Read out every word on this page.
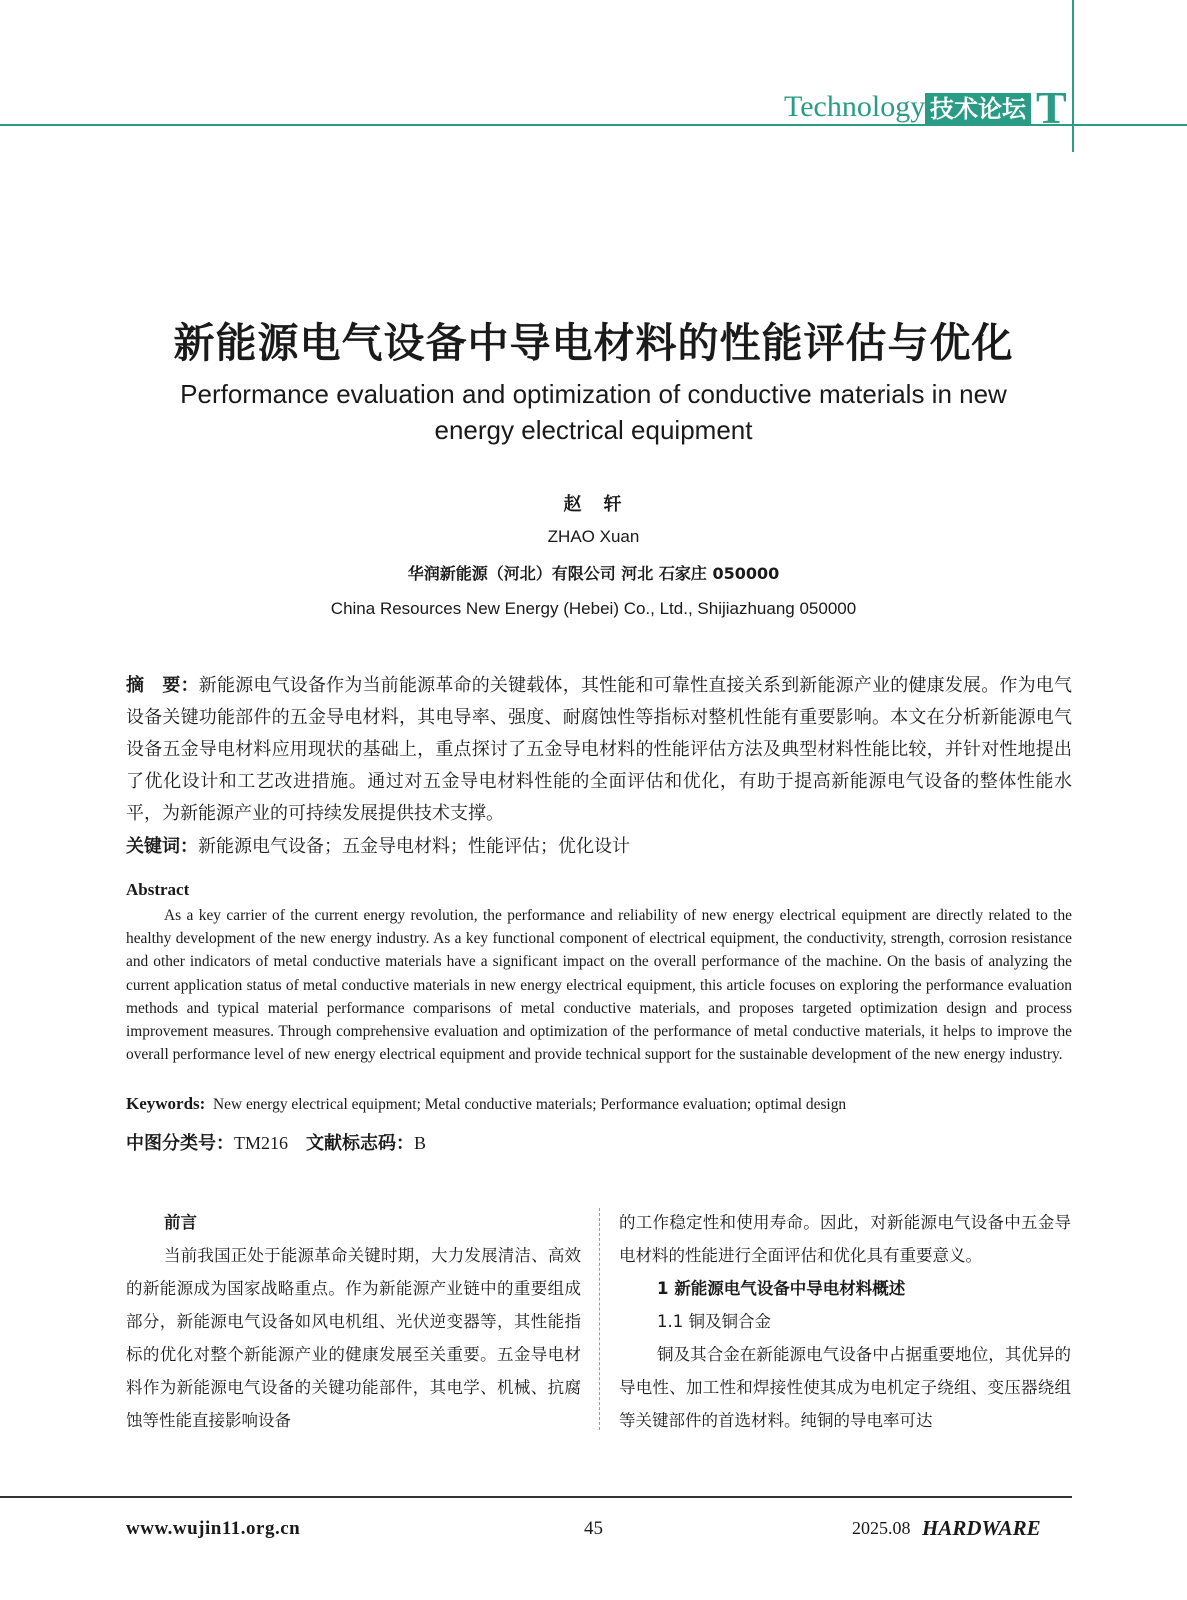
Technology 技术论坛 T
新能源电气设备中导电材料的性能评估与优化
Performance evaluation and optimization of conductive materials in new energy electrical equipment
赵　轩
ZHAO Xuan
华润新能源（河北）有限公司 河北 石家庄 050000
China Resources New Energy (Hebei) Co., Ltd., Shijiazhuang 050000
摘　要：新能源电气设备作为当前能源革命的关键载体，其性能和可靠性直接关系到新能源产业的健康发展。作为电气设备关键功能部件的五金导电材料，其电导率、强度、耐腐蚀性等指标对整机性能有重要影响。本文在分析新能源电气设备五金导电材料应用现状的基础上，重点探讨了五金导电材料的性能评估方法及典型材料性能比较，并针对性地提出了优化设计和工艺改进措施。通过对五金导电材料性能的全面评估和优化，有助于提高新能源电气设备的整体性能水平，为新能源产业的可持续发展提供技术支撑。
关键词：新能源电气设备；五金导电材料；性能评估；优化设计
Abstract
As a key carrier of the current energy revolution, the performance and reliability of new energy electrical equipment are directly related to the healthy development of the new energy industry. As a key functional component of electrical equipment, the conductivity, strength, corrosion resistance and other indicators of metal conductive materials have a significant impact on the overall performance of the machine. On the basis of analyzing the current application status of metal conductive materials in new energy electrical equipment, this article focuses on exploring the performance evaluation methods and typical material performance comparisons of metal conductive materials, and proposes targeted optimization design and process improvement measures. Through comprehensive evaluation and optimization of the performance of metal conductive materials, it helps to improve the overall performance level of new energy electrical equipment and provide technical support for the sustainable development of the new energy industry.
Keywords: New energy electrical equipment; Metal conductive materials; Performance evaluation; optimal design
中图分类号：TM216 文献标志码：B

前言

当前我国正处于能源革命关键时期，大力发展清洁、高效的新能源成为国家战略重点。作为新能源产业链中的重要组成部分，新能源电气设备如风电机组、光伏逆变器等，其性能指标的优化对整个新能源产业的健康发展至关重要。五金导电材料作为新能源电气设备的关键功能部件，其电学、机械、抗腐蚀等性能直接影响设备

的工作稳定性和使用寿命。因此，对新能源电气设备中五金导电材料的性能进行全面评估和优化具有重要意义。

1 新能源电气设备中导电材料概述

1.1 铜及铜合金

铜及其合金在新能源电气设备中占据重要地位，其优异的导电性、加工性和焊接性使其成为电机定子绕组、变压器绕组等关键部件的首选材料。纯铜的导电率可达

www.wujin11.org.cn	45	2025.08 HARDWARE
